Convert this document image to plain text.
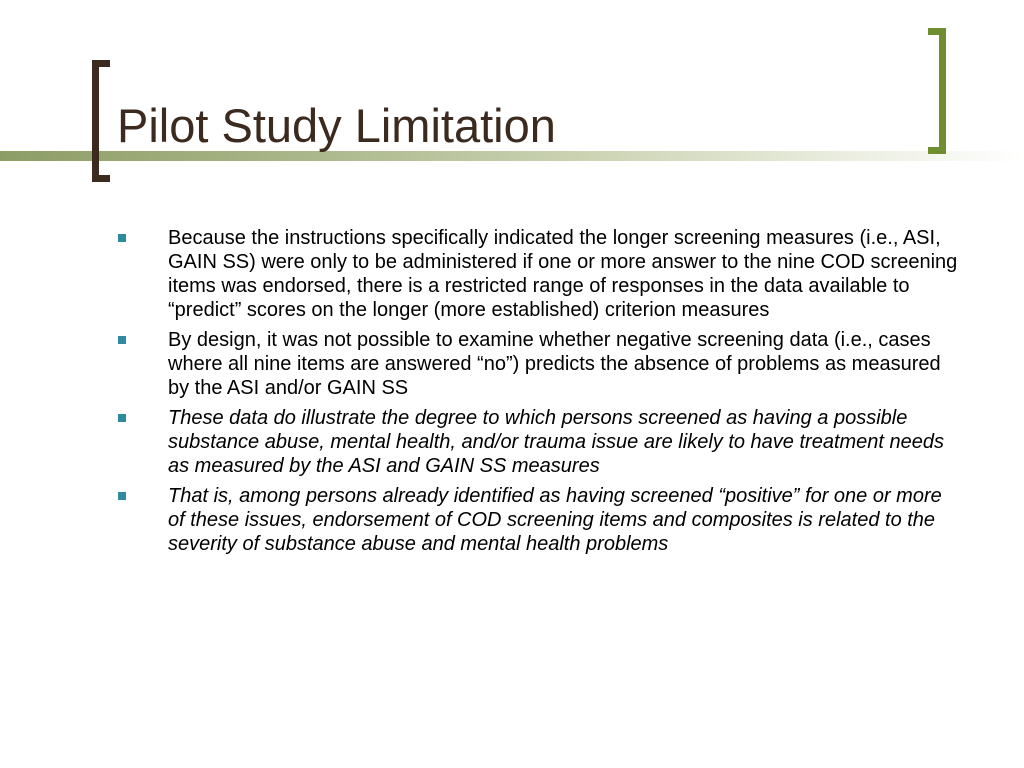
Pilot Study Limitation
Because the instructions specifically indicated the longer screening measures (i.e., ASI, GAIN SS) were only to be administered if one or more answer to the nine COD screening items was endorsed, there is a restricted range of responses in the data available to “predict” scores on the longer (more established) criterion measures
By design, it was not possible to examine whether negative screening data (i.e., cases where all nine items are answered “no”) predicts the absence of problems as measured by the ASI and/or GAIN SS
These data do illustrate the degree to which persons screened as having a possible substance abuse, mental health, and/or trauma issue are likely to have treatment needs as measured by the ASI and GAIN SS measures
That is, among persons already identified as having screened “positive” for one or more of these issues, endorsement of COD screening items and composites is related to the severity of substance abuse and mental health problems
